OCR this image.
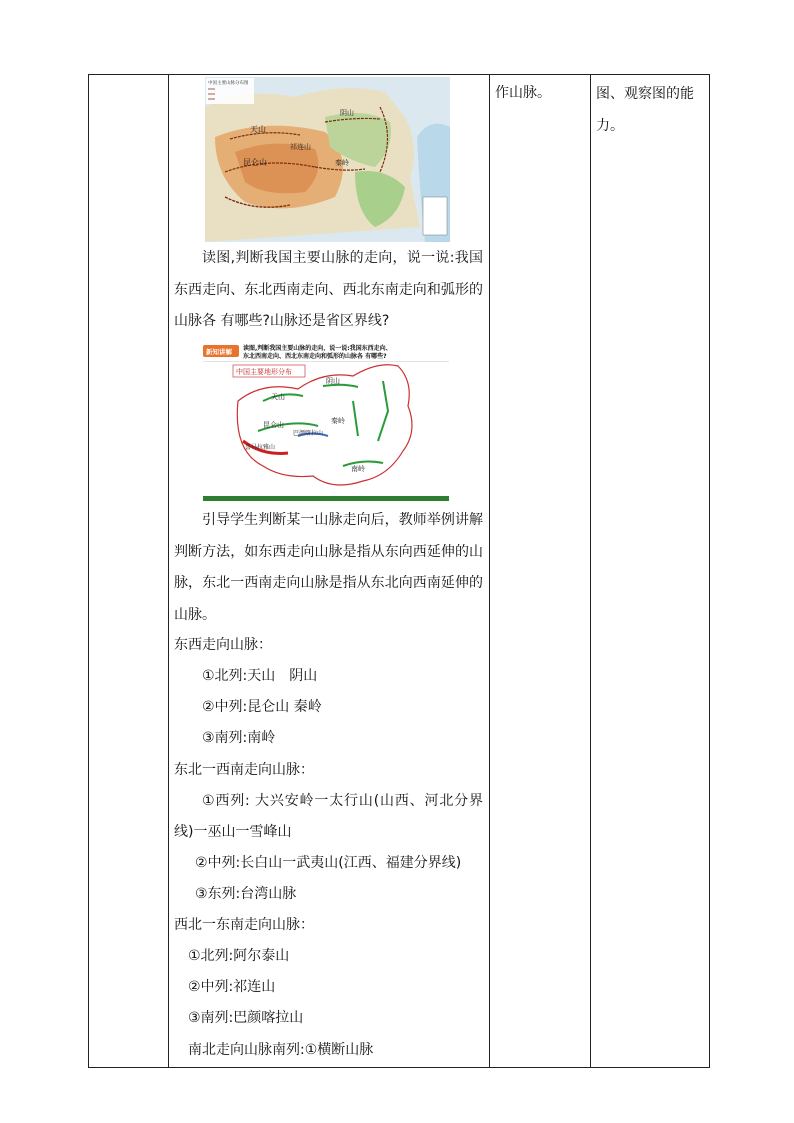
中国主要山脉分布图
天山
昆仑山	秦岭
阴山
祁连山
读图,判断我国主要山脉的走向，说一说:我国东西走向、东北西南走向、西北东南走向和弧形的山脉各 有哪些?山脉还是省区界线?
新知讲解 读图,判断我国主要山脉的走向，说一说:我国东西走向、
东北西南走向、西北东南走向和弧形的山脉各 有哪些?
中国主要地形分布
天山
阴山
昆仑山	秦岭
巴颜喀拉山
喜马拉雅山
南岭
引导学生判断某一山脉走向后，教师举例讲解判断方法，如东西走向山脉是指从东向西延伸的山脉，东北一西南走向山脉是指从东北向西南延伸的山脉。
东西走向山脉：
①北列:天山　阴山
②中列:昆仑山 秦岭
③南列:南岭
东北一西南走向山脉：
①西列: 大兴安岭一太行山(山西、河北分界线)一巫山一雪峰山
②中列:长白山一武夷山(江西、福建分界线)
③东列:台湾山脉
西北一东南走向山脉：
①北列:阿尔泰山
②中列:祁连山
③南列:巴颜喀拉山
南北走向山脉南列:①横断山脉

作山脉。	图、观察图的能力。
